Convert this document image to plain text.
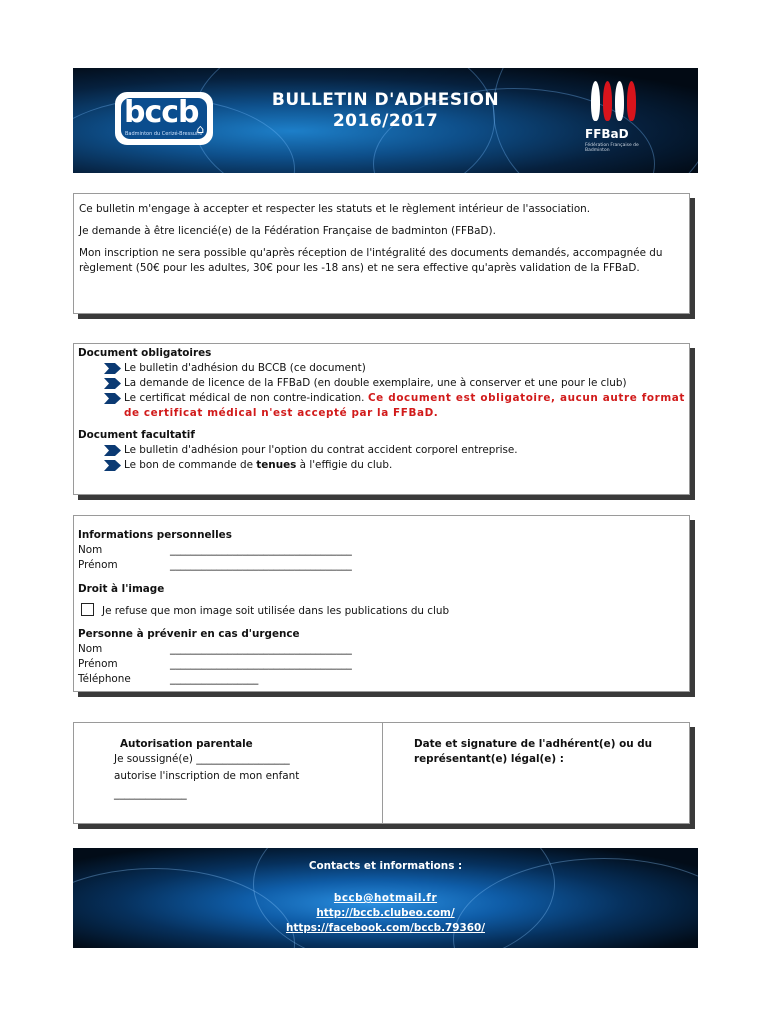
bccb
Badminton du Cerizé-Bressuire
⌂
BULLETIN D'ADHESION
2016/2017
FFBaD
Fédération Française de Badminton

Ce bulletin m'engage à accepter et respecter les statuts et le règlement intérieur de l'association.

Je demande à être licencié(e) de la Fédération Française de badminton (FFBaD).

Mon inscription ne sera possible qu'après réception de l'intégralité des documents demandés, accompagnée du règlement (50€ pour les adultes, 30€ pour les -18 ans) et ne sera effective qu'après validation de la FFBaD.

Document obligatoires
Le bulletin d'adhésion du BCCB (ce document)
La demande de licence de la FFBaD (en double exemplaire, une à conserver et une pour le club)
Le certificat médical de non contre-indication. Ce document est obligatoire, aucun autre format de certificat médical n'est accepté par la FFBaD.
Document facultatif
Le bulletin d'adhésion pour l'option du contrat accident corporel entreprise.
Le bon de commande de tenues à l'effigie du club.
Informations personnelles
Nom	___________________________________
Prénom	___________________________________
Droit à l'image
Je refuse que mon image soit utilisée dans les publications du club
Personne à prévenir en cas d'urgence
Nom	___________________________________
Prénom	___________________________________
Téléphone	_________________
Autorisation parentale
Je soussigné(e) __________________
autorise l'inscription de mon enfant
______________
Date et signature de l'adhérent(e) ou du représentant(e) légal(e) :
Contacts et informations :
bccb@hotmail.fr
http://bccb.clubeo.com/
https://facebook.com/bccb.79360/
